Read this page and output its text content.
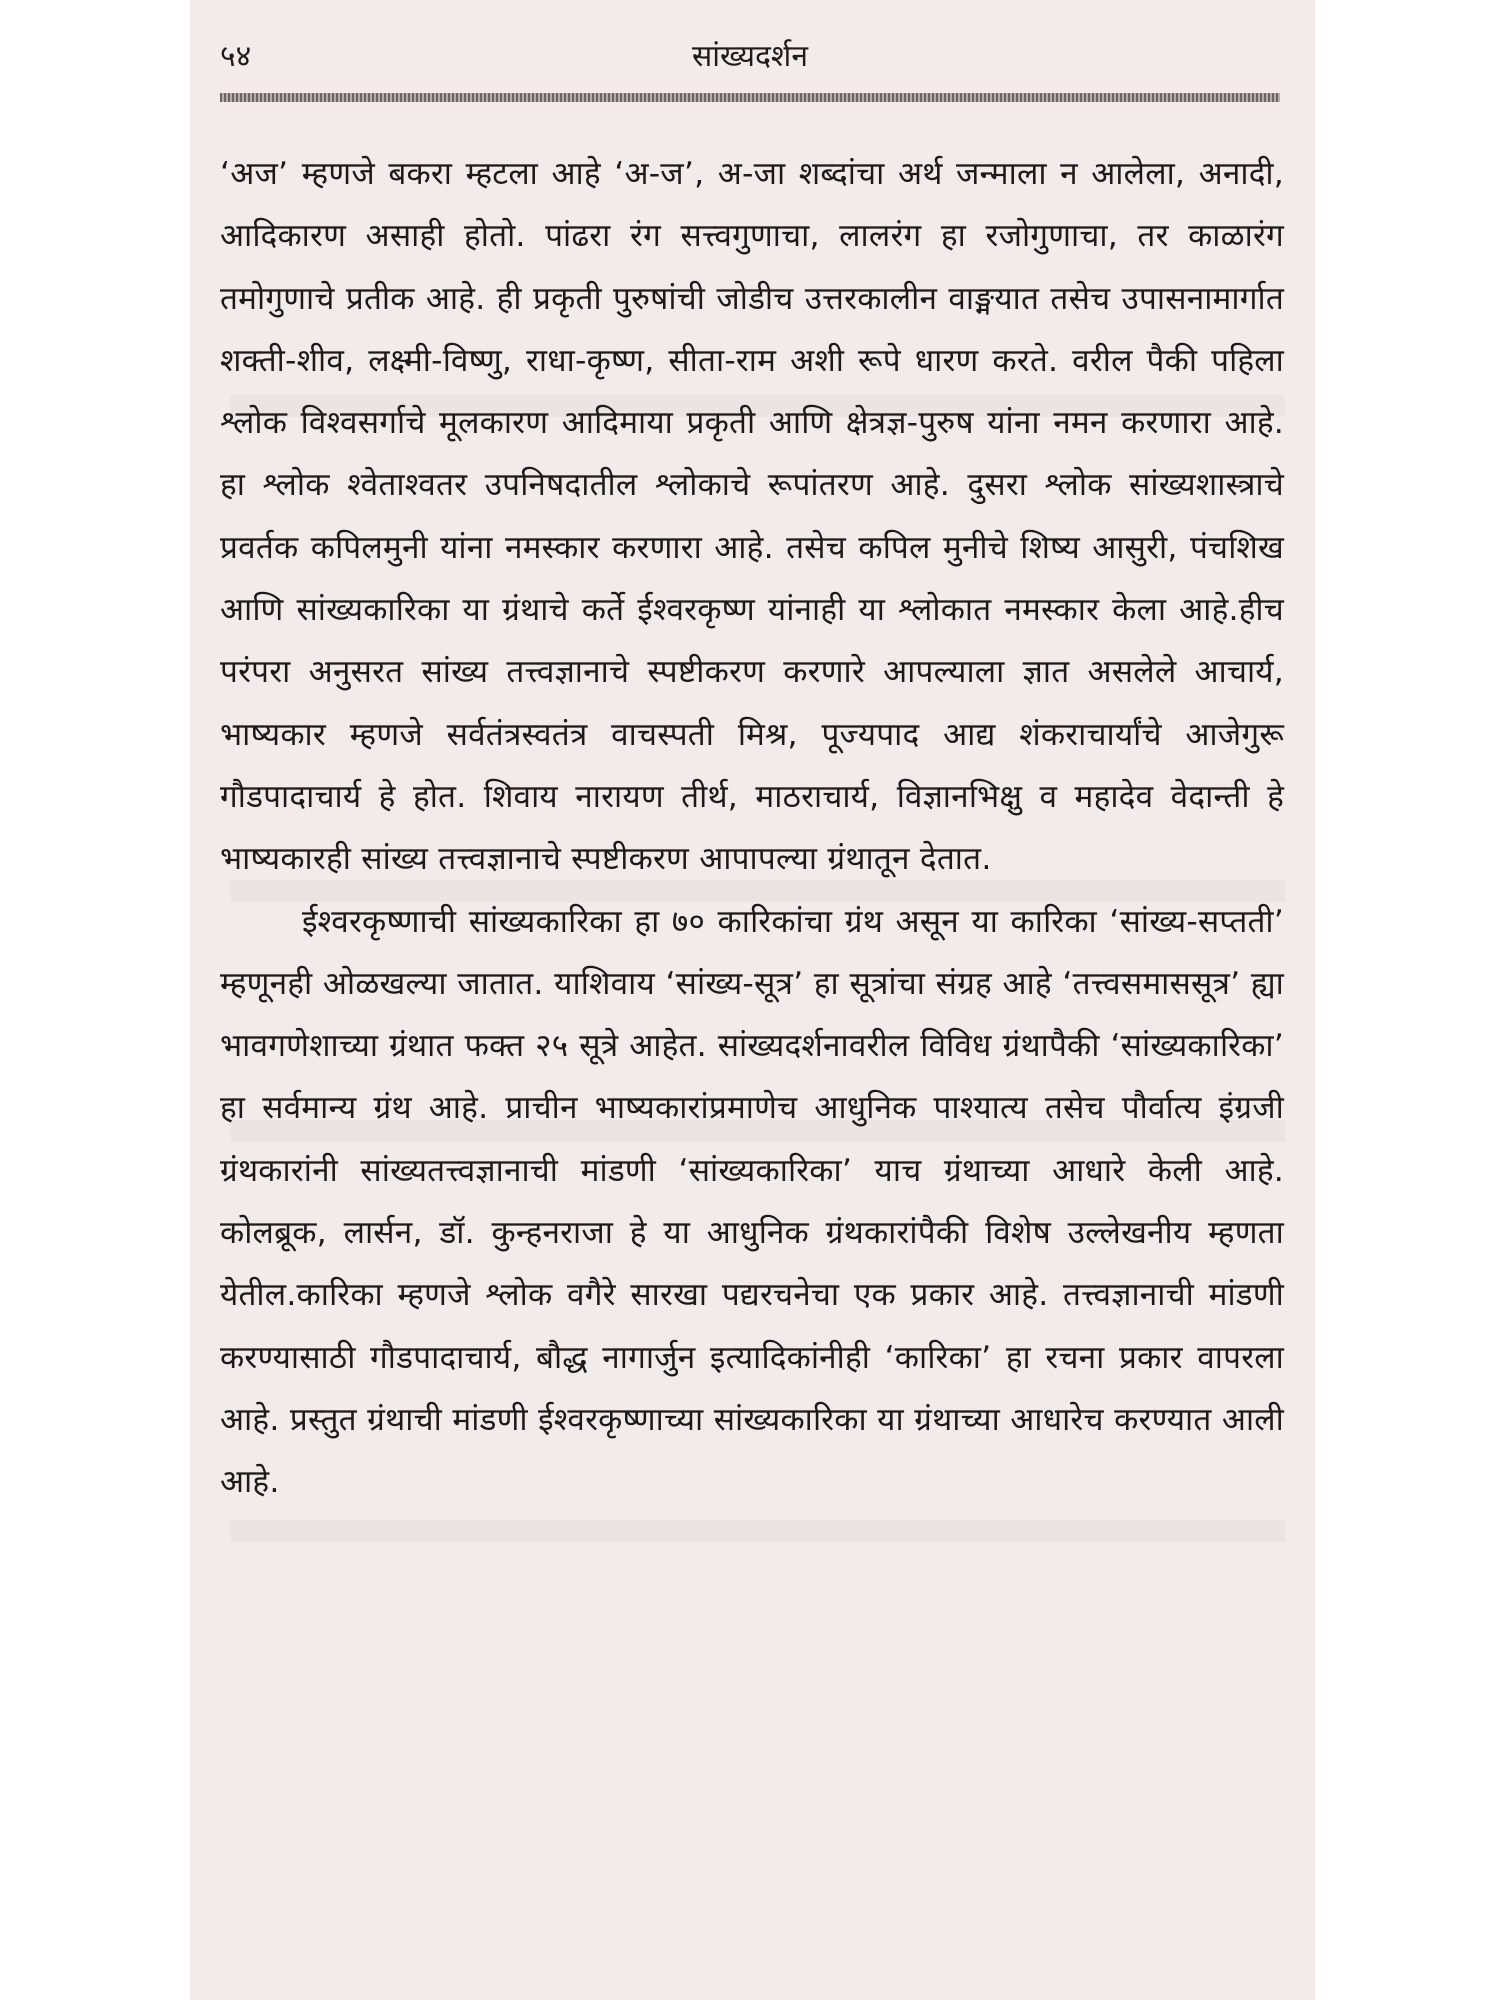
५४	सांख्यदर्शन

‘अज’ म्हणजे बकरा म्हटला आहे ‘अ-ज’, अ-जा शब्दांचा अर्थ जन्माला न आलेला, अनादी, आदिकारण असाही होतो. पांढरा रंग सत्त्वगुणाचा, लालरंग हा रजोगुणाचा, तर काळारंग तमोगुणाचे प्रतीक आहे. ही प्रकृती पुरुषांची जोडीच उत्तरकालीन वाङ्मयात तसेच उपासनामार्गात शक्ती-शीव, लक्ष्मी-विष्णु, राधा-कृष्ण, सीता-राम अशी रूपे धारण करते. वरील पैकी पहिला श्लोक विश्वसर्गाचे मूलकारण आदिमाया प्रकृती आणि क्षेत्रज्ञ-पुरुष यांना नमन करणारा आहे. हा श्लोक श्वेताश्वतर उपनिषदातील श्लोकाचे रूपांतरण आहे. दुसरा श्लोक सांख्यशास्त्राचे प्रवर्तक कपिलमुनी यांना नमस्कार करणारा आहे. तसेच कपिल मुनीचे शिष्य आसुरी, पंचशिख आणि सांख्यकारिका या ग्रंथाचे कर्ते ईश्वरकृष्ण यांनाही या श्लोकात नमस्कार केला आहे.हीच परंपरा अनुसरत सांख्य तत्त्वज्ञानाचे स्पष्टीकरण करणारे आपल्याला ज्ञात असलेले आचार्य, भाष्यकार म्हणजे सर्वतंत्रस्वतंत्र वाचस्पती मिश्र, पूज्यपाद आद्य शंकराचार्यांचे आजेगुरू गौडपादाचार्य हे होत. शिवाय नारायण तीर्थ, माठराचार्य, विज्ञानभिक्षु व महादेव वेदान्ती हे भाष्यकारही सांख्य तत्त्वज्ञानाचे स्पष्टीकरण आपापल्या ग्रंथातून देतात.

ईश्वरकृष्णाची सांख्यकारिका हा ७० कारिकांचा ग्रंथ असून या कारिका ‘सांख्य-सप्तती’ म्हणूनही ओळखल्या जातात. याशिवाय ‘सांख्य-सूत्र’ हा सूत्रांचा संग्रह आहे ‘तत्त्वसमाससूत्र’ ह्या भावगणेशाच्या ग्रंथात फक्त २५ सूत्रे आहेत. सांख्यदर्शनावरील विविध ग्रंथापैकी ‘सांख्यकारिका’ हा सर्वमान्य ग्रंथ आहे. प्राचीन भाष्यकारांप्रमाणेच आधुनिक पाश्यात्य तसेच पौर्वात्य इंग्रजी ग्रंथकारांनी सांख्यतत्त्वज्ञानाची मांडणी ‘सांख्यकारिका’ याच ग्रंथाच्या आधारे केली आहे. कोलब्रूक, लार्सन, डॉ. कुन्हनराजा हे या आधुनिक ग्रंथकारांपैकी विशेष उल्लेखनीय म्हणता येतील.कारिका म्हणजे श्लोक वगैरे सारखा पद्यरचनेचा एक प्रकार आहे. तत्त्वज्ञानाची मांडणी करण्यासाठी गौडपादाचार्य, बौद्ध नागार्जुन इत्यादिकांनीही ‘कारिका’ हा रचना प्रकार वापरला आहे. प्रस्तुत ग्रंथाची मांडणी ईश्वरकृष्णाच्या सांख्यकारिका या ग्रंथाच्या आधारेच करण्यात आली आहे.
